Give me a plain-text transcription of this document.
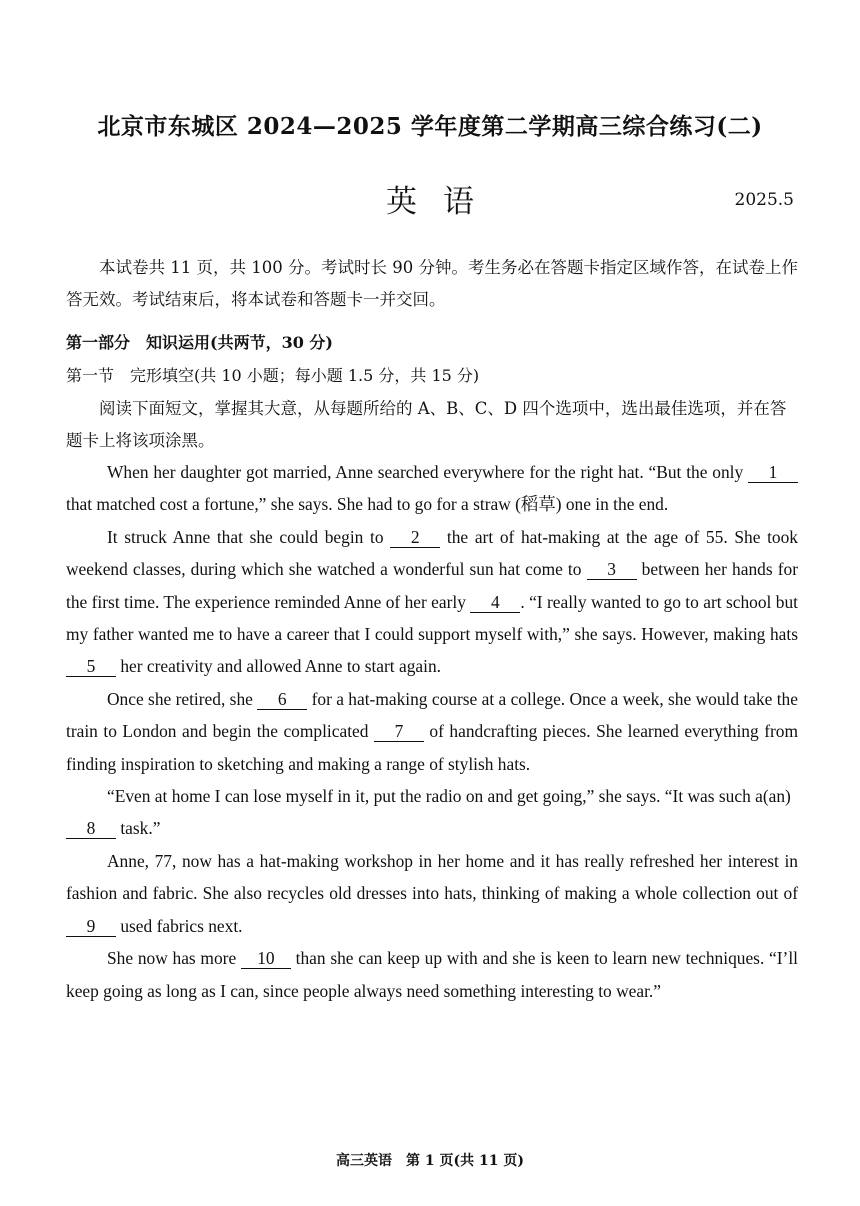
北京市东城区 2024—2025 学年度第二学期高三综合练习(二)
英语	2025.5
本试卷共 11 页，共 100 分。考试时长 90 分钟。考生务必在答题卡指定区域作答，在试卷上作答无效。考试结束后，将本试卷和答题卡一并交回。
第一部分　知识运用(共两节，30 分)
第一节　完形填空(共 10 小题；每小题 1.5 分，共 15 分)
阅读下面短文，掌握其大意，从每题所给的 A、B、C、D 四个选项中，选出最佳选项，并在答题卡上将该项涂黑。

When her daughter got married, Anne searched everywhere for the right hat. “But the only 1 that matched cost a fortune,” she says. She had to go for a straw (稻草) one in the end.

It struck Anne that she could begin to 2 the art of hat-making at the age of 55. She took weekend classes, during which she watched a wonderful sun hat come to 3 between her hands for the first time. The experience reminded Anne of her early 4 . “I really wanted to go to art school but my father wanted me to have a career that I could support myself with,” she says. However, making hats 5 her creativity and allowed Anne to start again.

Once she retired, she 6 for a hat-making course at a college. Once a week, she would take the train to London and begin the complicated 7 of handcrafting pieces. She learned everything from finding inspiration to sketching and making a range of stylish hats.

“Even at home I can lose myself in it, put the radio on and get going,” she says. “It was such a(an)8 task.”

Anne, 77, now has a hat-making workshop in her home and it has really refreshed her interest in fashion and fabric. She also recycles old dresses into hats, thinking of making a whole collection out of 9 used fabrics next.

She now has more 10 than she can keep up with and she is keen to learn new techniques. “I’ll keep going as long as I can, since people always need something interesting to wear.”

高三英语　第 1 页(共 11 页)
